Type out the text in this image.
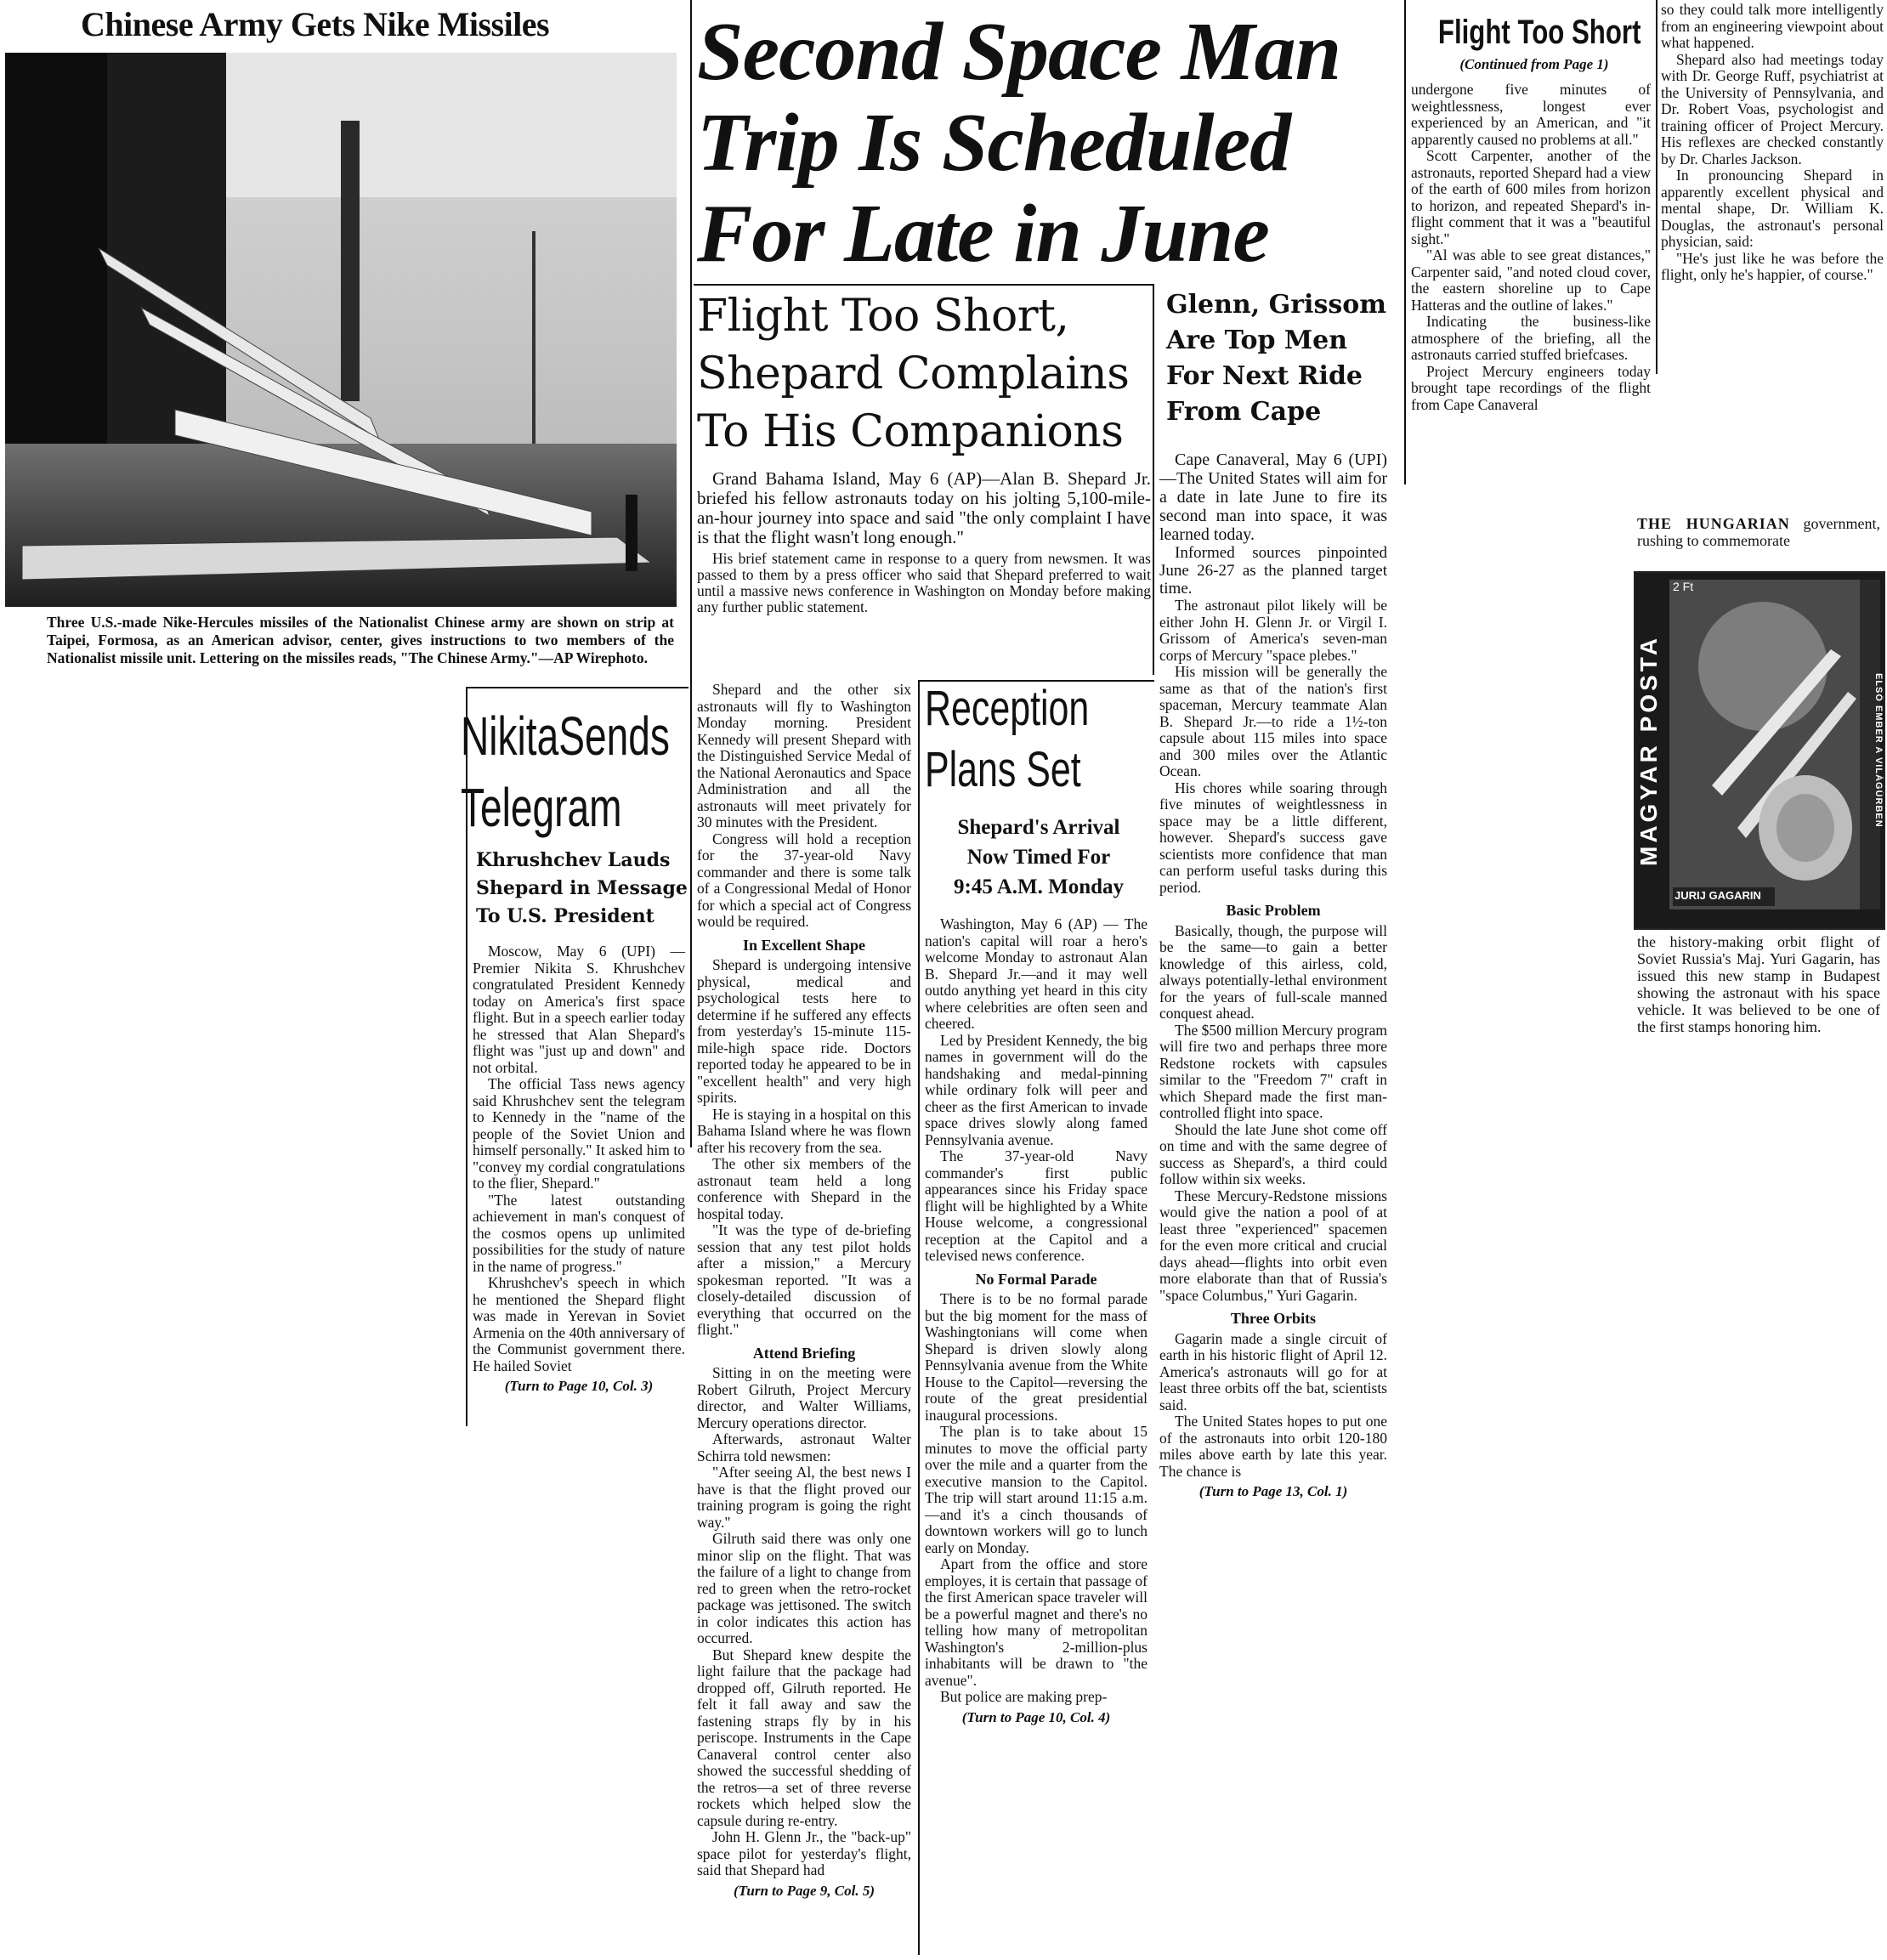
Chinese Army Gets Nike Missiles
Three U.S.-made Nike-Hercules missiles of the Nationalist Chinese army are shown on strip at Taipei, Formosa, as an American advisor, center, gives instructions to two members of the Nationalist missile unit. Lettering on the missiles reads, "The Chinese Army."—AP Wirephoto.
Second Space Man
Trip Is Scheduled
For Late in June
Flight Too Short,
Shepard Complains
To His Companions

Grand Bahama Island, May 6 (AP)—Alan B. Shepard Jr. briefed his fellow astronauts today on his jolting 5,100-mile-an-hour journey into space and said "the only complaint I have is that the flight wasn't long enough."

His brief statement came in response to a query from newsmen. It was passed to them by a press officer who said that Shepard preferred to wait until a massive news conference in Washington on Monday before making any further public statement.

Shepard and the other six astronauts will fly to Washington Monday morning. President Kennedy will present Shepard with the Distinguished Service Medal of the National Aeronautics and Space Administration and all the astronauts will meet privately for 30 minutes with the President.

Congress will hold a reception for the 37-year-old Navy commander and there is some talk of a Congressional Medal of Honor for which a special act of Congress would be required.

In Excellent Shape

Shepard is undergoing intensive physical, medical and psychological tests here to determine if he suffered any effects from yesterday's 15-minute 115-mile-high space ride. Doctors reported today he appeared to be in "excellent health" and very high spirits.

He is staying in a hospital on this Bahama Island where he was flown after his recovery from the sea.

The other six members of the astronaut team held a long conference with Shepard in the hospital today.

"It was the type of de-briefing session that any test pilot holds after a mission," a Mercury spokesman reported. "It was a closely-detailed discussion of everything that occurred on the flight."

Attend Briefing

Sitting in on the meeting were Robert Gilruth, Project Mercury director, and Walter Williams, Mercury operations director.

Afterwards, astronaut Walter Schirra told newsmen:

"After seeing Al, the best news I have is that the flight proved our training program is going the right way."

Gilruth said there was only one minor slip on the flight. That was the failure of a light to change from red to green when the retro-rocket package was jettisoned. The switch in color indicates this action has occurred.

But Shepard knew despite the light failure that the package had dropped off, Gilruth reported. He felt it fall away and saw the fastening straps fly by in his periscope. Instruments in the Cape Canaveral control center also showed the successful shedding of the retros—a set of three reverse rockets which helped slow the capsule during re-entry.

John H. Glenn Jr., the "back-up" space pilot for yesterday's flight, said that Shepard had

(Turn to Page 9, Col. 5)
Reception
Plans Set
Shepard's Arrival
Now Timed For
9:45 A.M. Monday

Washington, May 6 (AP) — The nation's capital will roar a hero's welcome Monday to astronaut Alan B. Shepard Jr.—and it may well outdo anything yet heard in this city where celebrities are often seen and cheered.

Led by President Kennedy, the big names in government will do the handshaking and medal-pinning while ordinary folk will peer and cheer as the first American to invade space drives slowly along famed Pennsylvania avenue.

The 37-year-old Navy commander's first public appearances since his Friday space flight will be highlighted by a White House welcome, a congressional reception at the Capitol and a televised news conference.

No Formal Parade

There is to be no formal parade but the big moment for the mass of Washingtonians will come when Shepard is driven slowly along Pennsylvania avenue from the White House to the Capitol—reversing the route of the great presidential inaugural processions.

The plan is to take about 15 minutes to move the official party over the mile and a quarter from the executive mansion to the Capitol. The trip will start around 11:15 a.m.—and it's a cinch thousands of downtown workers will go to lunch early on Monday.

Apart from the office and store employes, it is certain that passage of the first American space traveler will be a powerful magnet and there's no telling how many of metropolitan Washington's 2-million-plus inhabitants will be drawn to "the avenue".

But police are making prep-

(Turn to Page 10, Col. 4)
Glenn, Grissom
Are Top Men
For Next Ride
From Cape

Cape Canaveral, May 6 (UPI)—The United States will aim for a date in late June to fire its second man into space, it was learned today.

Informed sources pinpointed June 26-27 as the planned target time.

The astronaut pilot likely will be either John H. Glenn Jr. or Virgil I. Grissom of America's seven-man corps of Mercury "space plebes."

His mission will be generally the same as that of the nation's first spaceman, Mercury teammate Alan B. Shepard Jr.—to ride a 1½-ton capsule about 115 miles into space and 300 miles over the Atlantic Ocean.

His chores while soaring through five minutes of weightlessness in space may be a little different, however. Shepard's success gave scientists more confidence that man can perform useful tasks during this period.

Basic Problem

Basically, though, the purpose will be the same—to gain a better knowledge of this airless, cold, always potentially-lethal environment for the years of full-scale manned conquest ahead.

The $500 million Mercury program will fire two and perhaps three more Redstone rockets with capsules similar to the "Freedom 7" craft in which Shepard made the first man-controlled flight into space.

Should the late June shot come off on time and with the same degree of success as Shepard's, a third could follow within six weeks.

These Mercury-Redstone missions would give the nation a pool of at least three "experienced" spacemen for the even more critical and crucial days ahead—flights into orbit even more elaborate than that of Russia's "space Columbus," Yuri Gagarin.

Three Orbits

Gagarin made a single circuit of earth in his historic flight of April 12. America's astronauts will go for at least three orbits off the bat, scientists said.

The United States hopes to put one of the astronauts into orbit 120-180 miles above earth by late this year. The chance is

(Turn to Page 13, Col. 1)
Flight Too Short
(Continued from Page 1)

undergone five minutes of weightlessness, longest ever experienced by an American, and "it apparently caused no problems at all."

Scott Carpenter, another of the astronauts, reported Shepard had a view of the earth of 600 miles from horizon to horizon, and repeated Shepard's in-flight comment that it was a "beautiful sight."

"Al was able to see great distances," Carpenter said, "and noted cloud cover, the eastern shoreline up to Cape Hatteras and the outline of lakes."

Indicating the business-like atmosphere of the briefing, all the astronauts carried stuffed briefcases.

Project Mercury engineers today brought tape recordings of the flight from Cape Canaveral

so they could talk more intelligently from an engineering viewpoint about what happened.

Shepard also had meetings today with Dr. George Ruff, psychiatrist at the University of Pennsylvania, and Dr. Robert Voas, psychologist and training officer of Project Mercury. His reflexes are checked constantly by Dr. Charles Jackson.

In pronouncing Shepard in apparently excellent physical and mental shape, Dr. William K. Douglas, the astronaut's personal physician, said:

"He's just like he was before the flight, only he's happier, of course."

NikitaSends
Telegram
Khrushchev Lauds
Shepard in Message
To U.S. President

Moscow, May 6 (UPI) — Premier Nikita S. Khrushchev congratulated President Kennedy today on America's first space flight. But in a speech earlier today he stressed that Alan Shepard's flight was "just up and down" and not orbital.

The official Tass news agency said Khrushchev sent the telegram to Kennedy in the "name of the people of the Soviet Union and himself personally." It asked him to "convey my cordial congratulations to the flier, Shepard."

"The latest outstanding achievement in man's conquest of the cosmos opens up unlimited possibilities for the study of nature in the name of progress."

Khrushchev's speech in which he mentioned the Shepard flight was made in Yerevan in Soviet Armenia on the 40th anniversary of the Communist government there. He hailed Soviet

(Turn to Page 10, Col. 3)
THE HUNGARIAN government, rushing to commemorate
MAGYAR POSTA
2 Ft
ELSŐ EMBER A VILÁGŰRBEN
JURIJ GAGARIN
the history-making orbit flight of Soviet Russia's Maj. Yuri Gagarin, has issued this new stamp in Budapest showing the astronaut with his space vehicle. It was believed to be one of the first stamps honoring him.
